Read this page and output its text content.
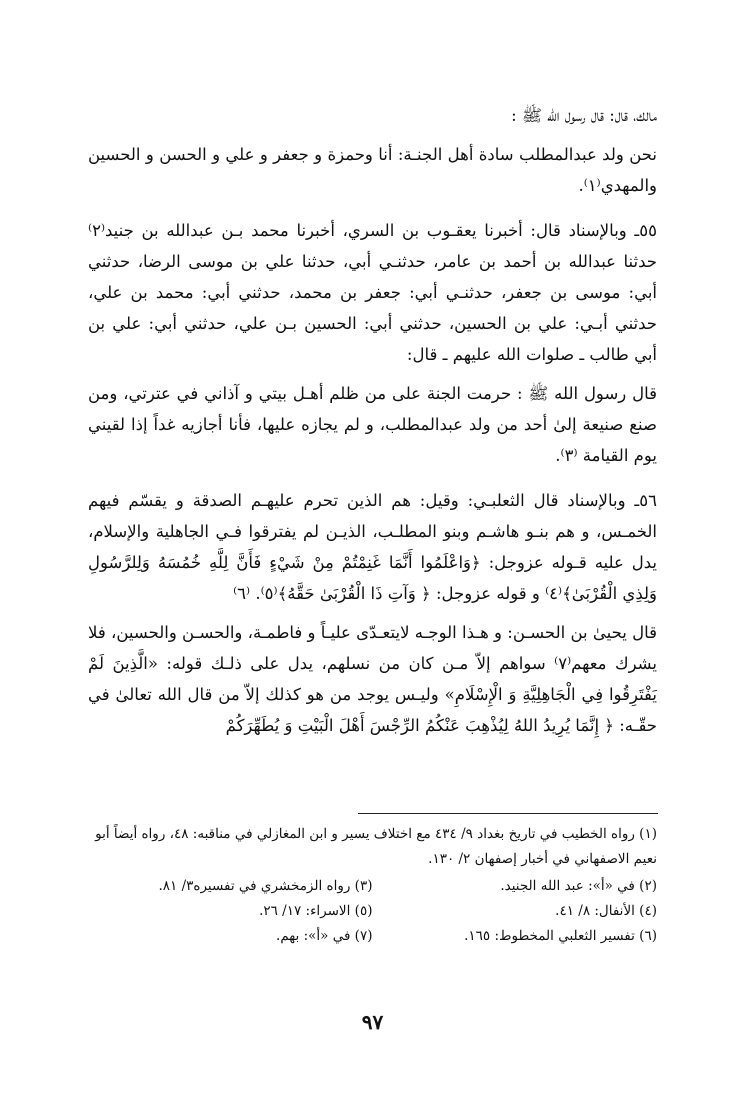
مالك، قال: قال رسول الله ﷺ :

نحن ولد عبدالمطلب سادة أهل الجنـة: أنا وحمزة و جعفر و علي و الحسن و الحسين والمهدي⁽١⁾.

٥٥ـ وبالإسناد قال: أخبرنا يعقـوب بن السري، أخبرنا محمد بـن عبدالله بن جنيد⁽٢⁾ حدثنا عبدالله بن أحمد بن عامر، حدثنـي أبي، حدثنا علي بن موسى الرضا، حدثني أبي: موسى بن جعفر، حدثنـي أبي: جعفر بن محمد، حدثني أبي: محمد بن علي، حدثني أبـي: علي بن الحسين، حدثني أبي: الحسين بـن علي، حدثني أبي: علي بن أبي طالب ـ صلوات الله عليهم ـ قال:

قال رسول الله ﷺ : حرمت الجنة على من ظلم أهـل بيتي و آذاني في عترتي، ومن صنع صنيعة إلىٰ أحد من ولد عبدالمطلب، و لم يجازه عليها، فأنا أجازيه غداً إذا لقيني يوم القيامة ⁽٣⁾.

٥٦ـ وبالإسناد قال الثعلبـي: وقيل: هم الذين تحرم عليهـم الصدقة و يقسّم فيهم الخمـس، و هم بنـو هاشـم وبنو المطلـب، الذيـن لم يفترقوا فـي الجاهلية والإسلام، يدل عليه قـوله عزوجل: ﴿وَاعْلَمُوا أَنَّمَا غَنِمْتُمْ مِنْ شَيْءٍ فَأَنَّ لِلَّهِ خُمُسَهُ وَلِلرَّسُولِ وَلِذِي الْقُرْبَىٰ﴾⁽٤⁾ و قوله عزوجل: ﴿ وَآتِ ذَا الْقُرْبَىٰ حَقَّهُ﴾⁽٥⁾. ⁽٦⁾

قال يحيىٰ بن الحسـن: و هـذا الوجـه لايتعـدّى عليـاً و فاطمـة، والحسـن والحسين، فلا يشرك معهم⁽٧⁾ سواهم إلاّ مـن كان من نسلهم، يدل على ذلـك قوله: «الَّذِينَ لَمْ يَفْتَرِقُوا فِي الْجَاهِلِيَّةِ وَ الْإِسْلَامِ» وليـس يوجد من هو كذلك إلاّ من قال الله تعالىٰ في حقّـه: ﴿ إِنَّمَا يُرِيدُ اللهُ لِيُذْهِبَ عَنْكُمُ الرِّجْسَ أَهْلَ الْبَيْتِ وَ يُطَهِّرَكُمْ

(١) رواه الخطيب في تاريخ بغداد ٩/ ٤٣٤ مع اختلاف يسير و ابن المغازلي في مناقبه: ٤٨، رواه أيضاً أبو نعيم الاصفهاني في أخبار إصفهان ٢/ ١٣٠.

(٢) في «أ»: عبد الله الجنيد.
(٣) رواه الزمخشري في تفسيره٣/ ٨١.
(٤) الأنفال: ٨/ ٤١.
(٥) الاسراء: ١٧/ ٢٦.
(٦) تفسير الثعلبي المخطوط: ١٦٥.
(٧) في «أ»: بهم.
٩٧
